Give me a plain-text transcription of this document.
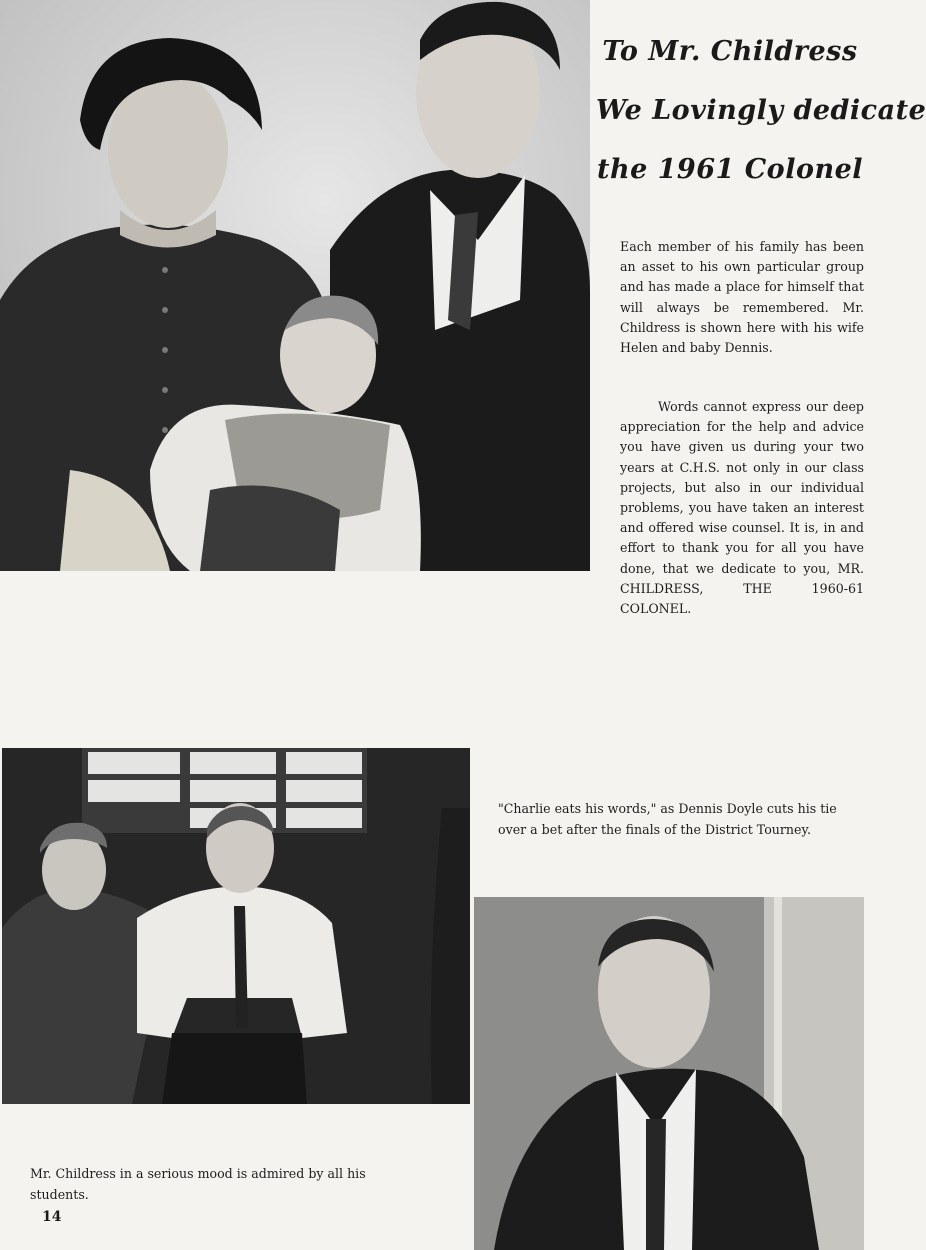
To Mr. Childress
We Lovingly dedicate
the 1961 Colonel
Each member of his family has been an asset to his own particular group and has made a place for himself that will always be remembered. Mr. Childress is shown here with his wife Helen and baby Dennis.
Words cannot express our deep appreciation for the help and advice you have given us during your two years at C.H.S. not only in our class projects, but also in our individual problems, you have taken an interest and offered wise counsel. It is, in and effort to thank you for all you have done, that we dedicate to you, MR. CHILDRESS, THE 1960-61 COLONEL.
"Charlie eats his words," as Dennis Doyle cuts his tie over a bet after the finals of the District Tourney.
Mr. Childress in a serious mood is admired by all his students.
14
